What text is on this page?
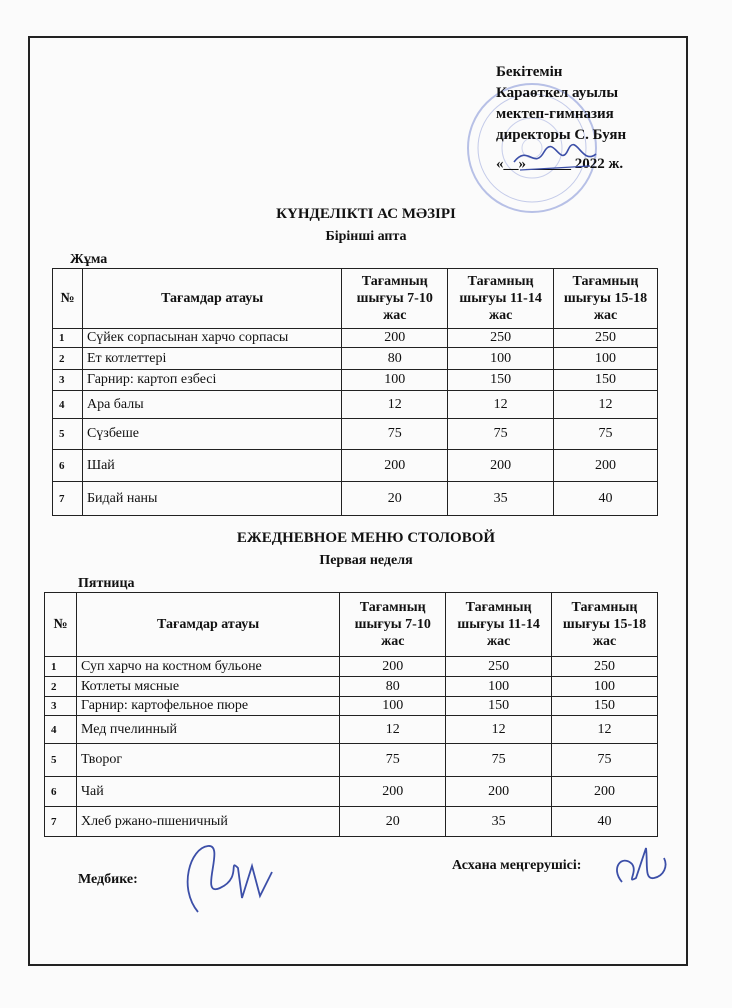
Бекітемін
Караөткел ауылы
мектеп-гимназия
директоры С. Буян
«__»______ 2022 ж.
КҮНДЕЛІКТІ АС МӘЗІРІ
Бірінші апта
Жұма
№	Тағамдар атауы	Тағамның шығуы 7-10 жас	Тағамның шығуы 11-14 жас	Тағамның шығуы 15-18 жас
1	Сүйек сорпасынан харчо сорпасы	200	250	250
2	Ет котлеттері	80	100	100
3	Гарнир: картоп езбесі	100	150	150
4	Ара балы	12	12	12
5	Сүзбеше	75	75	75
6	Шай	200	200	200
7	Бидай наны	20	35	40
ЕЖЕДНЕВНОЕ МЕНЮ СТОЛОВОЙ
Первая неделя
Пятница
№	Тағамдар атауы	Тағамның шығуы 7-10 жас	Тағамның шығуы 11-14 жас	Тағамның шығуы 15-18 жас
1	Суп харчо на костном бульоне	200	250	250
2	Котлеты мясные	80	100	100
3	Гарнир: картофельное пюре	100	150	150
4	Мед пчелинный	12	12	12
5	Творог	75	75	75
6	Чай	200	200	200
7	Хлеб ржано-пшеничный	20	35	40
Медбике:
Асхана меңгерушісі:
